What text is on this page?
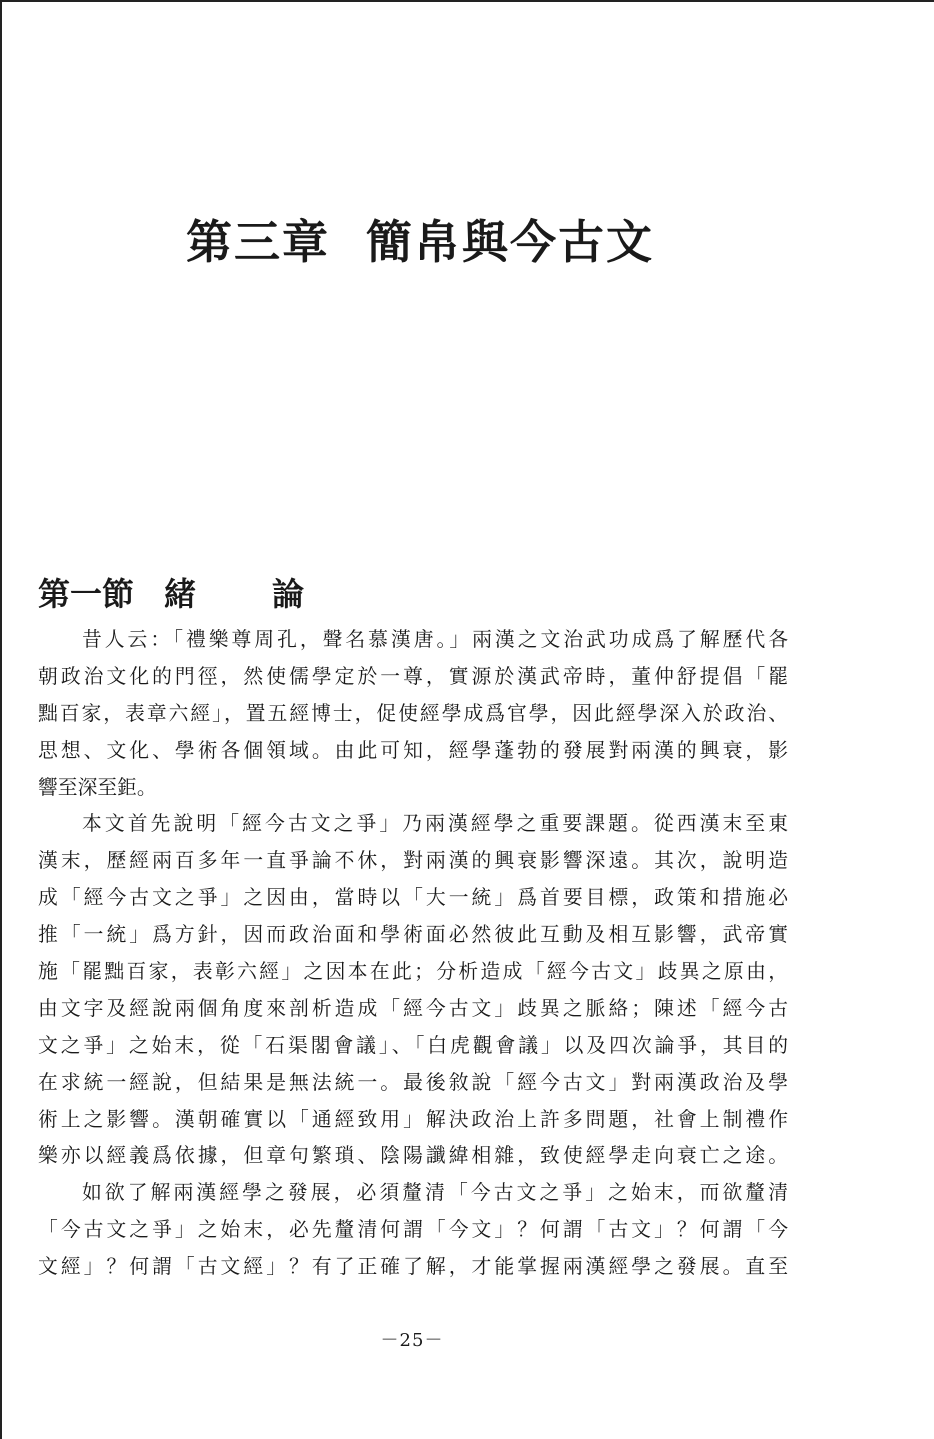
第三章 簡帛與今古文
第一節 緒　論
昔人云：「禮樂尊周孔，聲名慕漢唐。」兩漢之文治武功成爲了解歷代各
朝政治文化的門徑，然使儒學定於一尊，實源於漢武帝時，董仲舒提倡「罷
黜百家，表章六經」，置五經博士，促使經學成爲官學，因此經學深入於政治、
思想、文化、學術各個領域。由此可知，經學蓬勃的發展對兩漢的興衰，影
響至深至鉅。
本文首先說明「經今古文之爭」乃兩漢經學之重要課題。從西漢末至東
漢末，歷經兩百多年一直爭論不休，對兩漢的興衰影響深遠。其次，說明造
成「經今古文之爭」之因由，當時以「大一統」爲首要目標，政策和措施必
推「一統」爲方針，因而政治面和學術面必然彼此互動及相互影響，武帝實
施「罷黜百家，表彰六經」之因本在此；分析造成「經今古文」歧異之原由，
由文字及經說兩個角度來剖析造成「經今古文」歧異之脈絡；陳述「經今古
文之爭」之始末，從「石渠閣會議」、「白虎觀會議」以及四次論爭，其目的
在求統一經說，但結果是無法統一。最後敘說「經今古文」對兩漢政治及學
術上之影響。漢朝確實以「通經致用」解決政治上許多問題，社會上制禮作
樂亦以經義爲依據，但章句繁瑣、陰陽讖緯相雜，致使經學走向衰亡之途。
如欲了解兩漢經學之發展，必須釐清「今古文之爭」之始末，而欲釐清
「今古文之爭」之始末，必先釐清何謂「今文」？何謂「古文」？何謂「今
文經」？何謂「古文經」？有了正確了解，才能掌握兩漢經學之發展。直至
－25－
